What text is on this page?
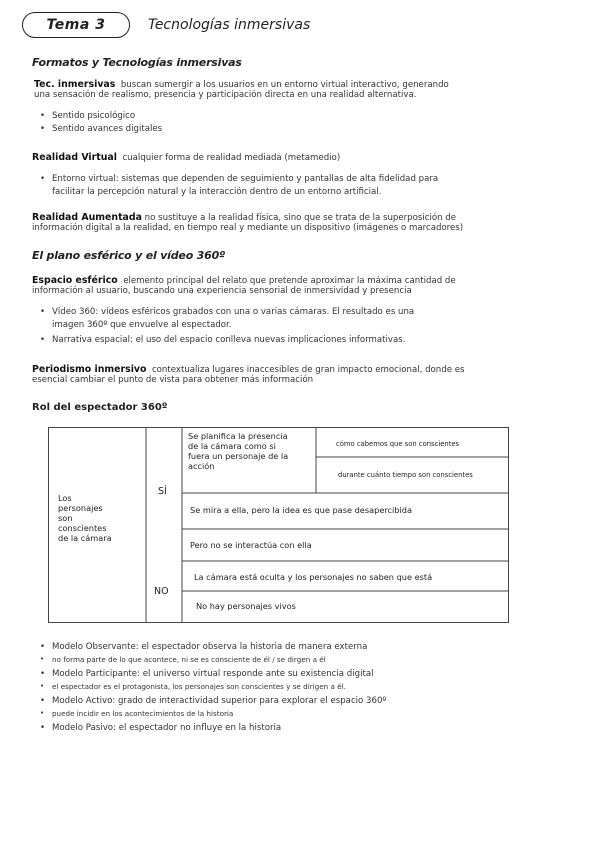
Tema 3	Tecnologías inmersivas
Formatos y Tecnologías inmersivas
Tec. inmersivas buscan sumergir a los usuarios en un entorno virtual interactivo, generando
una sensación de realismo, presencia y participación directa en una realidad alternativa.
• Sentido psicológico
• Sentido avances digitales
Realidad Virtual cualquier forma de realidad mediada (metamedio)
• Entorno virtual: sistemas que dependen de seguimiento y pantallas de alta fidelidad para
facilitar la percepción natural y la interacción dentro de un entorno artificial.
Realidad Aumentada no sustituye a la realidad física, sino que se trata de la superposición de
información digital a la realidad, en tiempo real y mediante un dispositivo (imágenes o marcadores)
El plano esférico y el vídeo 360º
Espacio esférico elemento principal del relato que pretende aproximar la máxima cantidad de
información al usuario, buscando una experiencia sensorial de inmersividad y presencia
• Vídeo 360: vídeos esféricos grabados con una o varias cámaras. El resultado es una
imagen 360º que envuelve al espectador.
• Narrativa espacial: el uso del espacio conlleva nuevas implicaciones informativas.
Periodismo inmersivo contextualiza lugares inaccesibles de gran impacto emocional, donde es
esencial cambiar el punto de vista para obtener más información
Rol del espectador 360º
Los
personajes
son
conscientes
de la cámara
SÍ
NO
Se planifica la presencia
de la cámara como si
fuera un personaje de la
acción
cómo cabemos que son conscientes
durante cuánto tiempo son conscientes
Se mira a ella, pero la idea es que pase desapercibida
Pero no se interactúa con ella
La cámara está oculta y los personajes no saben que está
No hay personajes vivos
• Modelo Observante: el espectador observa la historia de manera externa
• no forma parte de lo que acontece, ni se es consciente de él / se dirgen a él
• Modelo Participante: el universo virtual responde ante su existencia digital
• el espectador es el protagonista, los personajes son conscientes y se dirigen a él.
• Modelo Activo: grado de interactividad superior para explorar el espacio 360º
• puede incidir en los acontecimientos de la historia
• Modelo Pasivo: el espectador no influye en la historia
